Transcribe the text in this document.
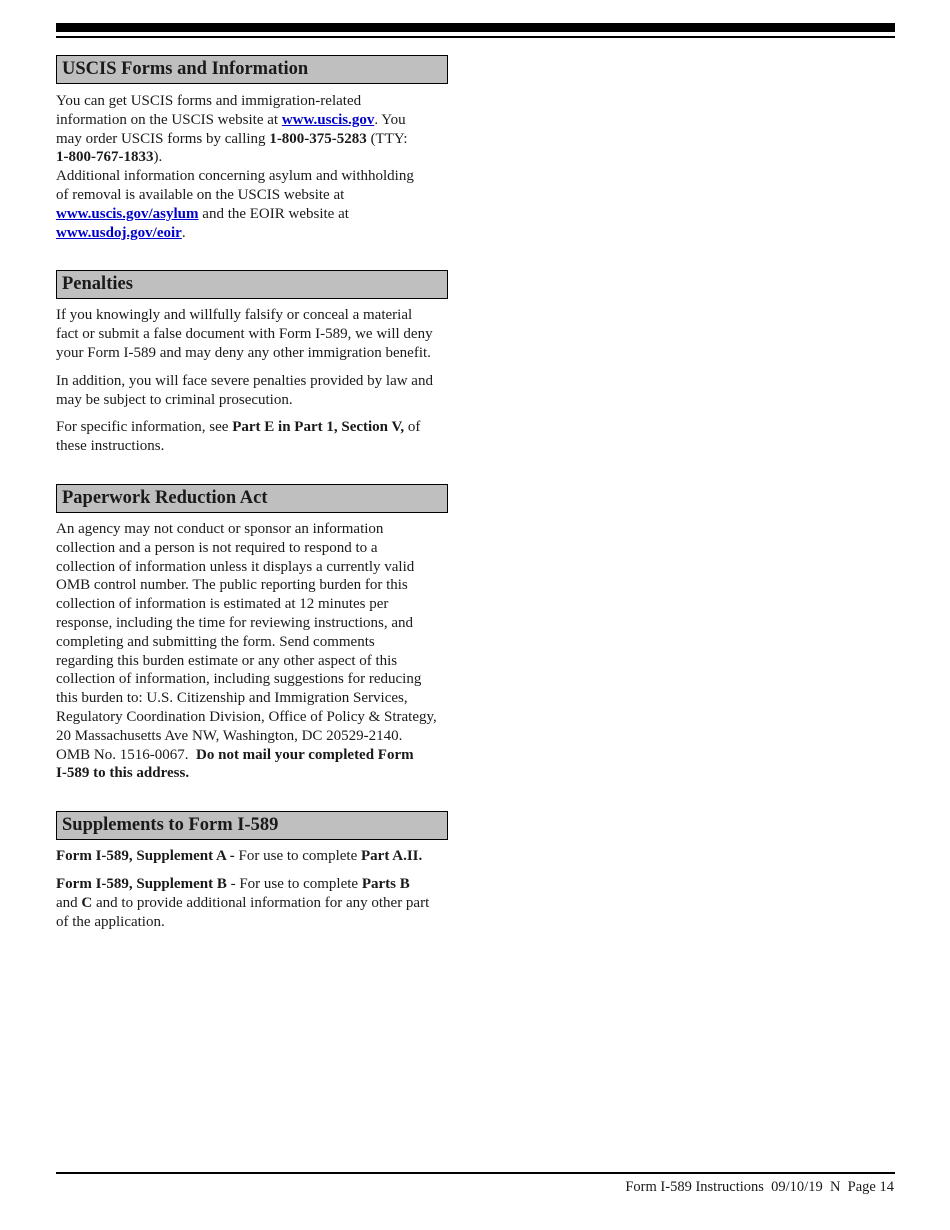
USCIS Forms and Information

You can get USCIS forms and immigration-related
information on the USCIS website at www.uscis.gov. You
may order USCIS forms by calling 1-800-375-5283 (TTY:
1-800-767-1833).

Additional information concerning asylum and withholding
of removal is available on the USCIS website at
www.uscis.gov/asylum and the EOIR website at
www.usdoj.gov/eoir.

Penalties

If you knowingly and willfully falsify or conceal a material
fact or submit a false document with Form I-589, we will deny
your Form I-589 and may deny any other immigration benefit.

In addition, you will face severe penalties provided by law and
may be subject to criminal prosecution.

For specific information, see Part E in Part 1, Section V, of
these instructions.

Paperwork Reduction Act

An agency may not conduct or sponsor an information
collection and a person is not required to respond to a
collection of information unless it displays a currently valid
OMB control number. The public reporting burden for this
collection of information is estimated at 12 minutes per
response, including the time for reviewing instructions, and
completing and submitting the form. Send comments
regarding this burden estimate or any other aspect of this
collection of information, including suggestions for reducing
this burden to: U.S. Citizenship and Immigration Services,
Regulatory Coordination Division, Office of Policy & Strategy,
20 Massachusetts Ave NW, Washington, DC 20529-2140.
OMB No. 1516-0067.  Do not mail your completed Form
I-589 to this address.

Supplements to Form I-589

Form I-589, Supplement A - For use to complete Part A.II.

Form I-589, Supplement B - For use to complete Parts B
and C and to provide additional information for any other part
of the application.

Form I-589 Instructions  09/10/19  N  Page 14
